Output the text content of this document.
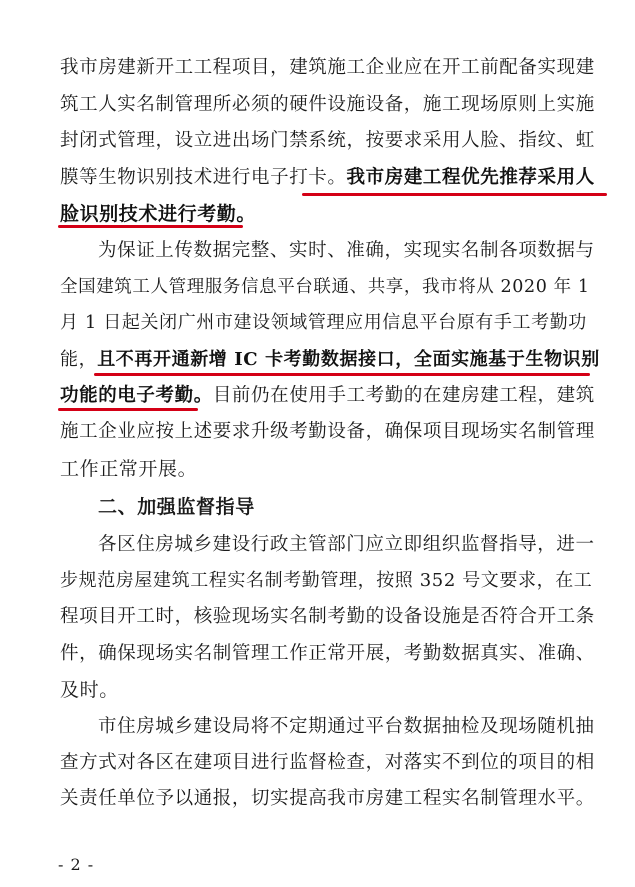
我市房建新开工工程项目，建筑施工企业应在开工前配备实现建
筑工人实名制管理所必须的硬件设施设备，施工现场原则上实施
封闭式管理，设立进出场门禁系统，按要求采用人脸、指纹、虹
膜等生物识别技术进行电子打卡。我市房建工程优先推荐采用人
脸识别技术进行考勤。
为保证上传数据完整、实时、准确，实现实名制各项数据与
全国建筑工人管理服务信息平台联通、共享，我市将从 2020 年 1
月 1 日起关闭广州市建设领域管理应用信息平台原有手工考勤功
能，且不再开通新增 IC 卡考勤数据接口，全面实施基于生物识别
功能的电子考勤。目前仍在使用手工考勤的在建房建工程，建筑
施工企业应按上述要求升级考勤设备，确保项目现场实名制管理
工作正常开展。
二、加强监督指导
各区住房城乡建设行政主管部门应立即组织监督指导，进一
步规范房屋建筑工程实名制考勤管理，按照 352 号文要求，在工
程项目开工时，核验现场实名制考勤的设备设施是否符合开工条
件，确保现场实名制管理工作正常开展，考勤数据真实、准确、
及时。
市住房城乡建设局将不定期通过平台数据抽检及现场随机抽
查方式对各区在建项目进行监督检查，对落实不到位的项目的相
关责任单位予以通报，切实提高我市房建工程实名制管理水平。
- 2 -
